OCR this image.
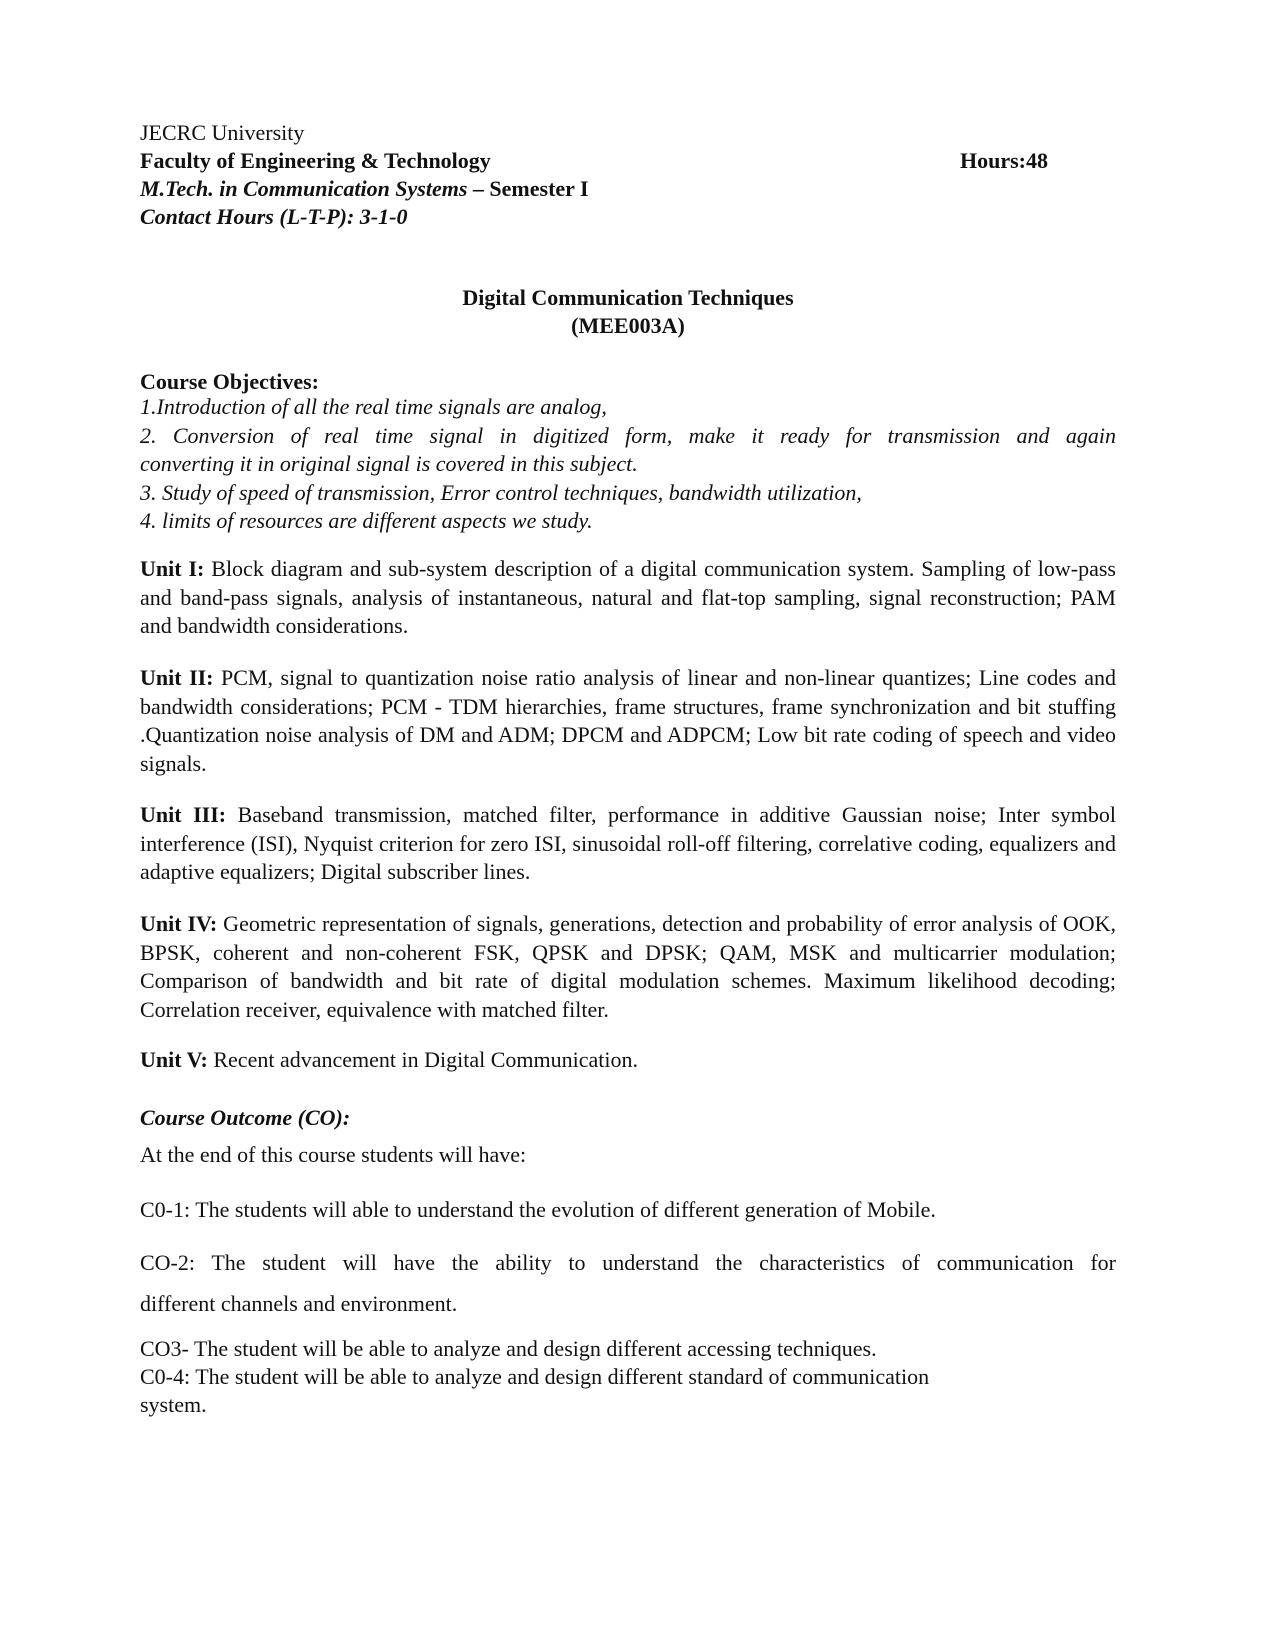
JECRC University
Faculty of Engineering & Technology	Hours:48
M.Tech. in Communication Systems – Semester I
Contact Hours (L-T-P): 3-1-0
Digital Communication Techniques
(MEE003A)
Course Objectives:
1.Introduction of all the real time signals are analog,
2. Conversion of real time signal in digitized form, make it ready for transmission and again
converting it in original signal is covered in this subject.
3. Study of speed of transmission, Error control techniques, bandwidth utilization,
4. limits of resources are different aspects we study.
Unit I: Block diagram and sub-system description of a digital communication system. Sampling of low-pass and band-pass signals, analysis of instantaneous, natural and flat-top sampling, signal reconstruction; PAM and bandwidth considerations.
Unit II: PCM, signal to quantization noise ratio analysis of linear and non-linear quantizes; Line codes and bandwidth considerations; PCM - TDM hierarchies, frame structures, frame synchronization and bit stuffing .Quantization noise analysis of DM and ADM; DPCM and ADPCM; Low bit rate coding of speech and video signals.
Unit III: Baseband transmission, matched filter, performance in additive Gaussian noise; Inter symbol interference (ISI), Nyquist criterion for zero ISI, sinusoidal roll-off filtering, correlative coding, equalizers and adaptive equalizers; Digital subscriber lines.
Unit IV: Geometric representation of signals, generations, detection and probability of error analysis of OOK, BPSK, coherent and non-coherent FSK, QPSK and DPSK; QAM, MSK and multicarrier modulation; Comparison of bandwidth and bit rate of digital modulation schemes. Maximum likelihood decoding; Correlation receiver, equivalence with matched filter.
Unit V: Recent advancement in Digital Communication.
Course Outcome (CO):
At the end of this course students will have:
C0-1: The students will able to understand the evolution of different generation of Mobile.
CO-2: The student will have the ability to understand the characteristics of communication for
different channels and environment.
CO3- The student will be able to analyze and design different accessing techniques.
C0-4: The student will be able to analyze and design different standard of communication
system.
